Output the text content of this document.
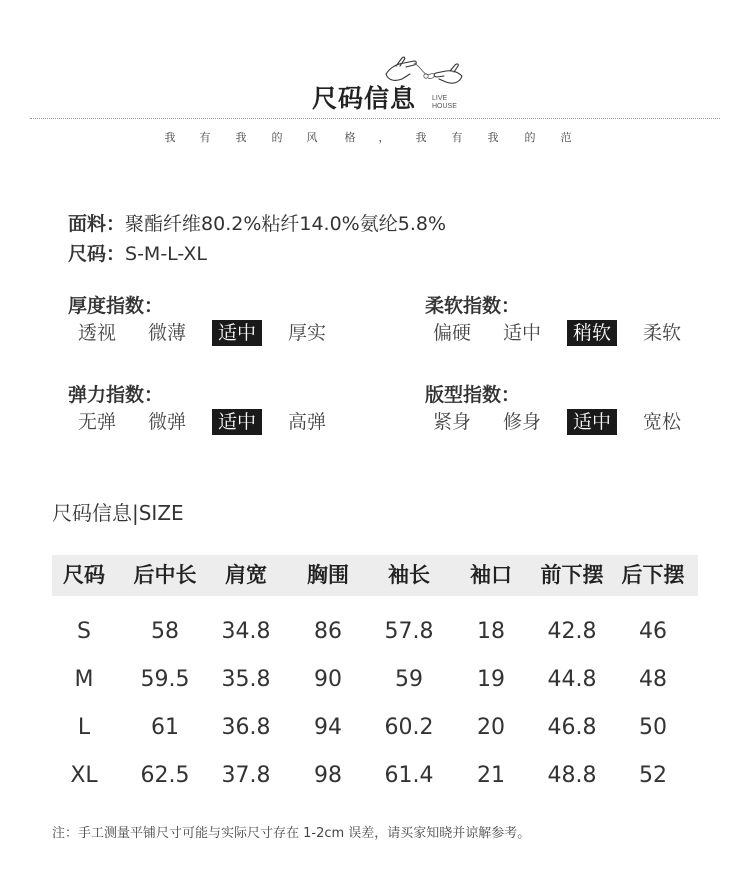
尺码信息 LIVE
HOUSE
我 有 我 的 风 格 ， 我 有 我 的 范
面料：聚酯纤维80.2%粘纤14.0%氨纶5.8%
尺码：S-M-L-XL
厚度指数：
透视	微薄	适中	厚实
柔软指数：
偏硬	适中	稍软	柔软
弹力指数：
无弹	微弹	适中	高弹
版型指数：
紧身	修身	适中	宽松
尺码信息|SIZE
尺码 后中长 肩宽 胸围 袖长 袖口 前下摆 后下摆
S	58 34.8 86 57.8 18 42.8 46
M 59.5 35.8 90 59 19 44.8 48
L	61 36.8 94 60.2 20 46.8 50
XL 62.5 37.8 98 61.4 21 48.8 52
注：手工测量平铺尺寸可能与实际尺寸存在 1-2cm 误差，请买家知晓并谅解参考。
